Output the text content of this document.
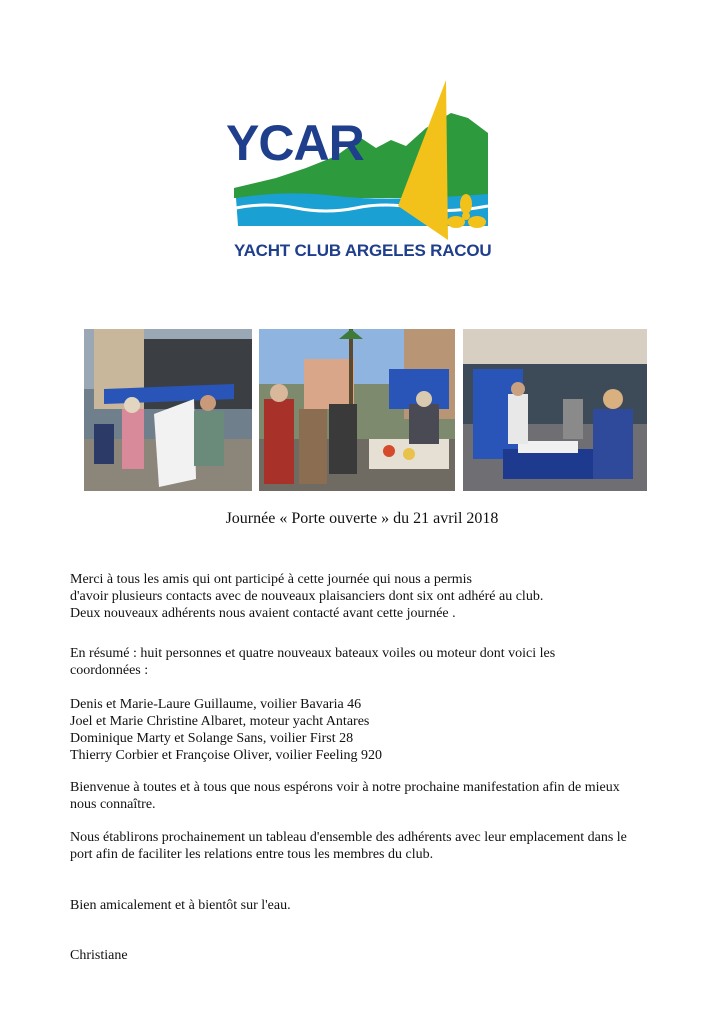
YCAR
YACHT CLUB ARGELES RACOU
Journée « Porte ouverte » du 21 avril 2018

Merci à tous les amis qui ont participé à cette journée qui nous a permis

d'avoir plusieurs contacts avec de nouveaux plaisanciers dont six ont adhéré au club.

Deux nouveaux adhérents nous avaient contacté avant cette journée .

En résumé : huit personnes et quatre nouveaux bateaux voiles ou moteur dont voici les

coordonnées :

Denis et Marie-Laure Guillaume, voilier Bavaria 46

Joel et Marie Christine Albaret, moteur yacht Antares

Dominique Marty et Solange Sans, voilier First 28

Thierry Corbier et Françoise Oliver, voilier Feeling 920

Bienvenue à toutes et à tous que nous espérons voir à notre prochaine manifestation afin de mieux

nous connaître.

Nous établirons prochainement un tableau d'ensemble des adhérents avec leur emplacement dans le

port afin de faciliter les relations entre tous les membres du club.

Bien amicalement et à bientôt sur l'eau.
Christiane
